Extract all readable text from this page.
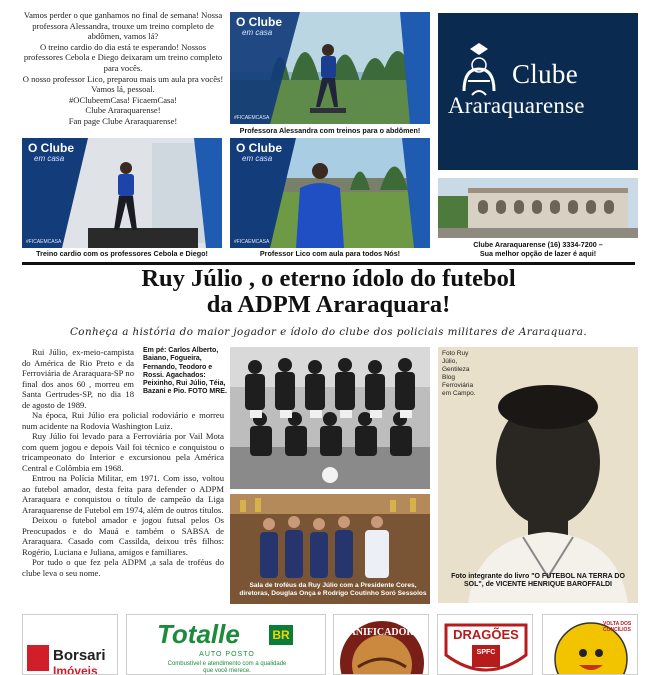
Vamos perder o que ganhamos no final de semana! Nossa professora Alessandra, trouxe um treino completo de abdômen, vamos lá?

O treino cardio do dia está te esperando! Nossos professores Cebola e Diego deixaram um treino completo para vocês.

O nosso professor Lico, preparou mais um aula pra vocês! Vamos lá, pessoal.

#OClubeemCasa! FicaemCasa!

Clube Araraquarense!

Fan page Clube Araraquarense!

O Clube
em casa
#FICAEMCASA
Professora Alessandra com treinos para o abdômen!
O Clube
em casa
#FICAEMCASA
Treino cardio com os professores Cebola e Diego!
O Clube
em casa
#FICAEMCASA
Professor Lico com aula para todos Nós!
Clube
Araraquarense
Clube Araraquarense (16) 3334-7200 –
Sua melhor opção de lazer é aqui!
Ruy Júlio , o eterno ídolo do futebol
da ADPM Araraquara!
Conheça a história do maior jogador e ídolo do clube dos policiais militares de Araraquara.

Rui Júlio, ex-meio-campista do América de Rio Preto e da Ferroviária de Araraquara-SP no final dos anos 60 , morreu em Santa Gertrudes-SP, no dia 18 de agosto de 1989.

Na época, Rui Júlio era policial rodoviário e morreu num acidente na Rodovia Washington Luiz.

Ruy Júlio foi levado para a Ferroviária por Vail Mota com quem jogou e depois Vail foi técnico e conquistou o tricampeonato do Interior e excursionou pela América Central e Colômbia em 1968.

Entrou na Polícia Militar, em 1971. Com isso, voltou ao futebol amador, desta feita para defender o ADPM Araraquara e conquistou o título de campeão da Liga Araraquarense de Futebol em 1974, além de outros títulos.

Deixou o futebol amador e jogou futsal pelos Os Preocupados e do Mauá e também o SABSA de Araraquara. Casado com Cassilda, deixou três filhos: Rogério, Luciana e Juliana, amigos e familiares.

Por tudo o que fez pela ADPM ,a sala de troféus do clube leva o seu nome.

Em pé: Carlos Alberto, Baiano, Fogueira, Fernando, Teodoro e Rossi. Agachados: Peixinho, Rui Júlio, Téia, Bazani e Pio. FOTO MRE.
Sala de troféus da Ruy Júlio com a Presidente Cores, diretoras, Douglas Onça e Rodrigo Coutinho Soró Sessolos
Foto Ruy Júlio, Gentileza Blog Ferroviária em Campo.
Foto integrante do livro "O FUTEBOL NA TERRA DO SOL", de VICENTE HENRIQUE BAROFFALDI
Borsari
Imóveis
Totalle	BR
AUTO POSTO
Combustível e atendimento com a qualidade que você merece.
PANIFICADORA	DRAGÕES
SPFC
VOLTA DOS CONCÍLIOS
